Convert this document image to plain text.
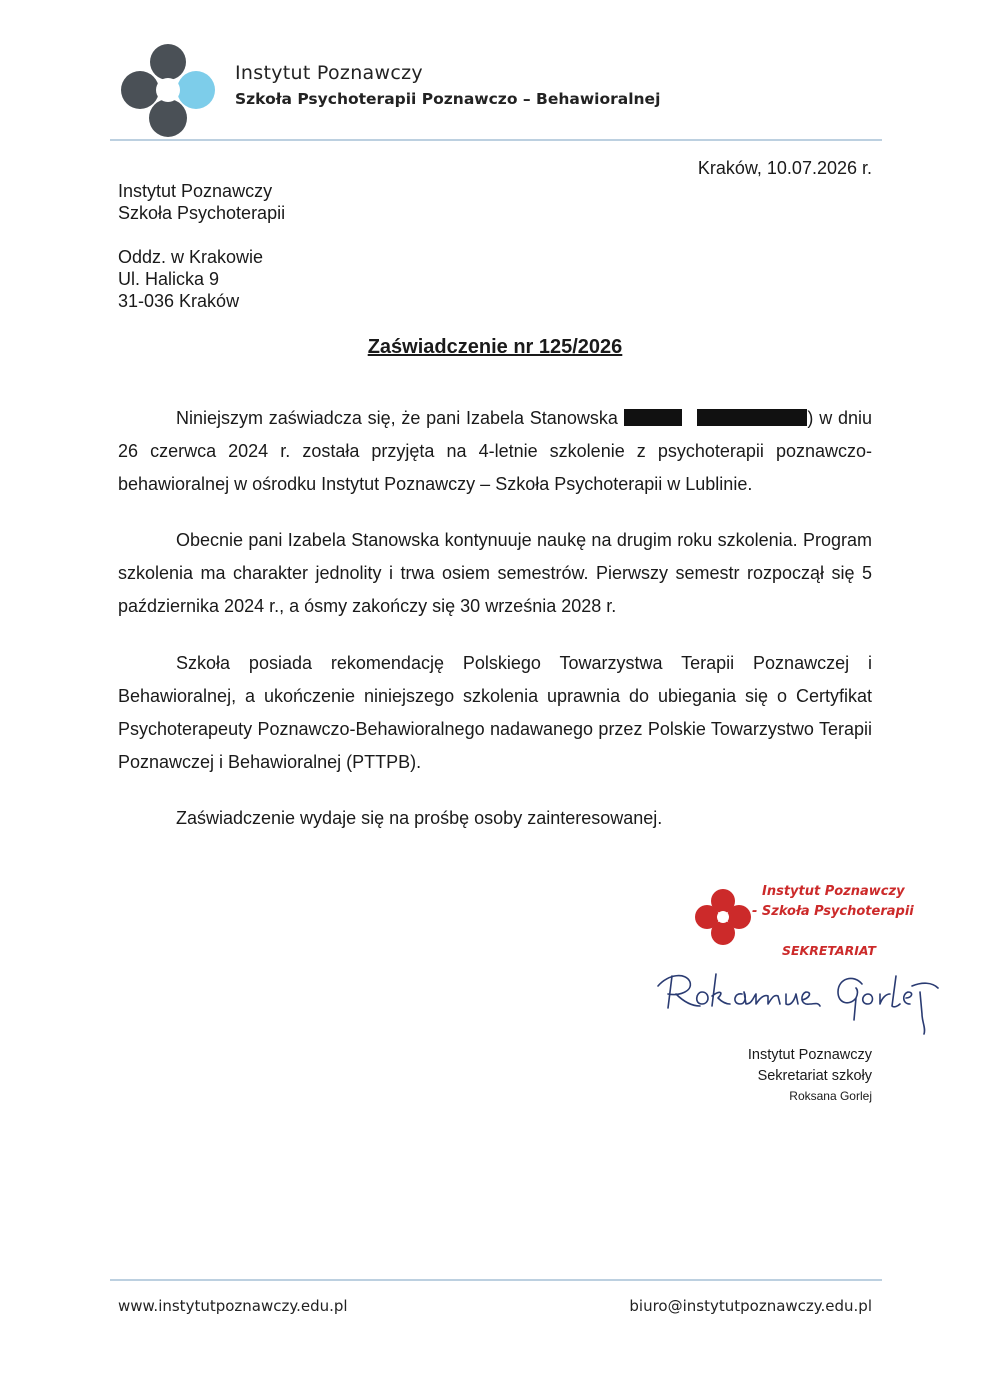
Instytut Poznawczy
Szkoła Psychoterapii Poznawczo – Behawioralnej
Kraków, 10.07.2026 r.
Instytut Poznawczy
Szkoła Psychoterapii
Oddz. w Krakowie
Ul. Halicka 9
31-036 Kraków
Zaświadczenie nr 125/2026
Niniejszym zaświadcza się, że pani Izabela Stanowska	) w dniu 26 czerwca 2024 r. została przyjęta na 4-letnie szkolenie z psychoterapii poznawczo-behawioralnej w ośrodku Instytut Poznawczy – Szkoła Psychoterapii w Lublinie.
Obecnie pani Izabela Stanowska kontynuuje naukę na drugim roku szkolenia. Program szkolenia ma charakter jednolity i trwa osiem semestrów. Pierwszy semestr rozpoczął się 5 października 2024 r., a ósmy zakończy się 30 września 2028 r.
Szkoła posiada rekomendację Polskiego Towarzystwa Terapii Poznawczej i Behawioralnej, a ukończenie niniejszego szkolenia uprawnia do ubiegania się o Certyfikat Psychoterapeuty Poznawczo-Behawioralnego nadawanego przez Polskie Towarzystwo Terapii Poznawczej i Behawioralnej (PTTPB).
Zaświadczenie wydaje się na prośbę osoby zainteresowanej.
Instytut Poznawczy
- Szkoła Psychoterapii
SEKRETARIAT
Instytut Poznawczy
Sekretariat szkoły
Roksana Gorlej
www.instytutpoznawczy.edu.pl	biuro@instytutpoznawczy.edu.pl
